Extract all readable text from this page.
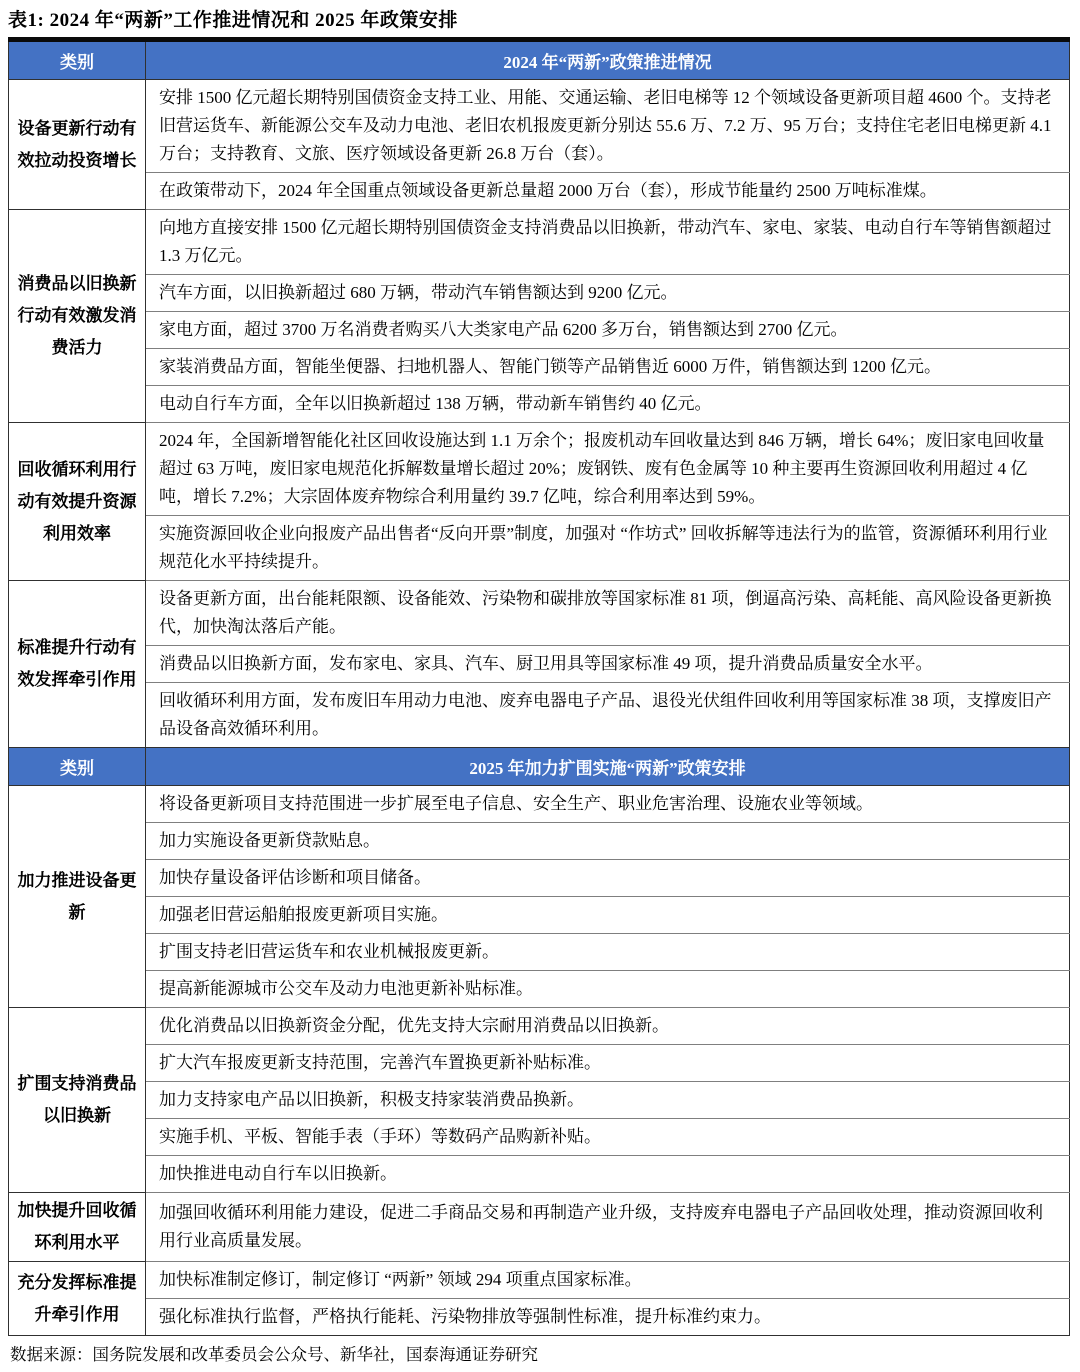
表1: 2024 年“两新”工作推进情况和 2025 年政策安排
类别	2024 年“两新”政策推进情况
设备更新行动有效拉动投资增长	安排 1500 亿元超长期特别国债资金支持工业、用能、交通运输、老旧电梯等 12 个领域设备更新项目超 4600 个。支持老旧营运货车、新能源公交车及动力电池、老旧农机报废更新分别达 55.6 万、7.2 万、95 万台；支持住宅老旧电梯更新 4.1 万台；支持教育、文旅、医疗领域设备更新 26.8 万台（套）。
	在政策带动下，2024 年全国重点领域设备更新总量超 2000 万台（套），形成节能量约 2500 万吨标准煤。
消费品以旧换新行动有效激发消费活力	向地方直接安排 1500 亿元超长期特别国债资金支持消费品以旧换新，带动汽车、家电、家装、电动自行车等销售额超过 1.3 万亿元。
	汽车方面，以旧换新超过 680 万辆，带动汽车销售额达到 9200 亿元。
	家电方面，超过 3700 万名消费者购买八大类家电产品 6200 多万台，销售额达到 2700 亿元。
	家装消费品方面，智能坐便器、扫地机器人、智能门锁等产品销售近 6000 万件，销售额达到 1200 亿元。
	电动自行车方面，全年以旧换新超过 138 万辆，带动新车销售约 40 亿元。
回收循环利用行动有效提升资源利用效率	2024 年，全国新增智能化社区回收设施达到 1.1 万余个；报废机动车回收量达到 846 万辆，增长 64%；废旧家电回收量超过 63 万吨，废旧家电规范化拆解数量增长超过 20%；废钢铁、废有色金属等 10 种主要再生资源回收利用超过 4 亿吨，增长 7.2%；大宗固体废弃物综合利用量约 39.7 亿吨，综合利用率达到 59%。
	实施资源回收企业向报废产品出售者“反向开票”制度，加强对 “作坊式” 回收拆解等违法行为的监管，资源循环利用行业规范化水平持续提升。
标准提升行动有效发挥牵引作用	设备更新方面，出台能耗限额、设备能效、污染物和碳排放等国家标准 81 项，倒逼高污染、高耗能、高风险设备更新换代，加快淘汰落后产能。
	消费品以旧换新方面，发布家电、家具、汽车、厨卫用具等国家标准 49 项，提升消费品质量安全水平。
	回收循环利用方面，发布废旧车用动力电池、废弃电器电子产品、退役光伏组件回收利用等国家标准 38 项，支撑废旧产品设备高效循环利用。
类别	2025 年加力扩围实施“两新”政策安排
加力推进设备更新	将设备更新项目支持范围进一步扩展至电子信息、安全生产、职业危害治理、设施农业等领域。
	加力实施设备更新贷款贴息。
	加快存量设备评估诊断和项目储备。
	加强老旧营运船舶报废更新项目实施。
	扩围支持老旧营运货车和农业机械报废更新。
	提高新能源城市公交车及动力电池更新补贴标准。
扩围支持消费品以旧换新	优化消费品以旧换新资金分配，优先支持大宗耐用消费品以旧换新。
	扩大汽车报废更新支持范围，完善汽车置换更新补贴标准。
	加力支持家电产品以旧换新，积极支持家装消费品换新。
	实施手机、平板、智能手表（手环）等数码产品购新补贴。
	加快推进电动自行车以旧换新。
加快提升回收循环利用水平	加强回收循环利用能力建设，促进二手商品交易和再制造产业升级，支持废弃电器电子产品回收处理，推动资源回收利用行业高质量发展。
充分发挥标准提升牵引作用	加快标准制定修订，制定修订 “两新” 领域 294 项重点国家标准。
	强化标准执行监督，严格执行能耗、污染物排放等强制性标准，提升标准约束力。
数据来源：国务院发展和改革委员会公众号、新华社，国泰海通证券研究
